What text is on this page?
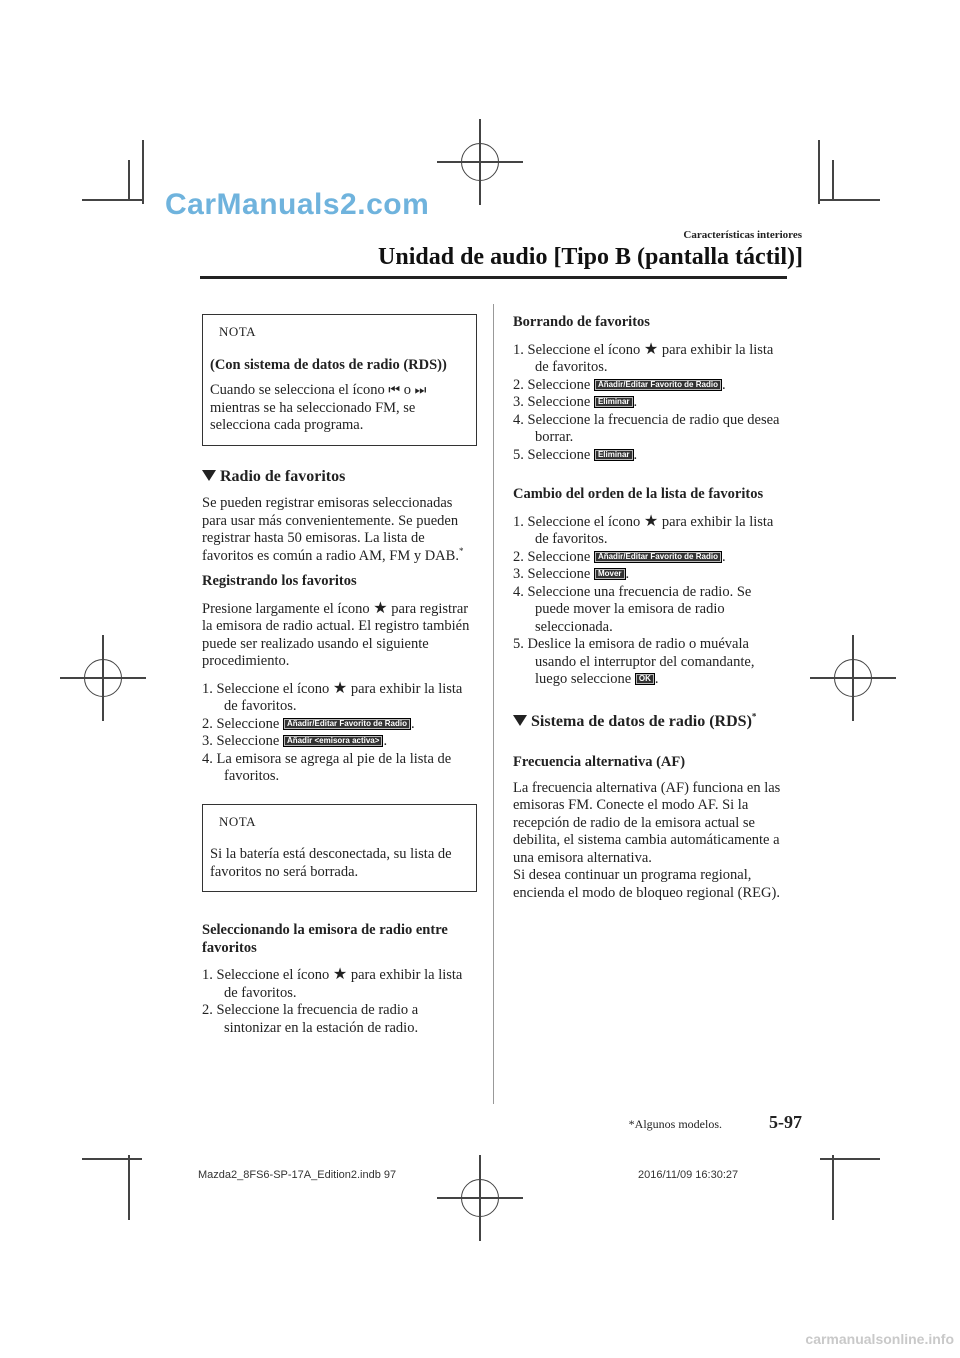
CarManuals2.com
Características interiores
Unidad de audio [Tipo B (pantalla táctil)]
NOTA

(Con sistema de datos de radio (RDS))

Cuando se selecciona el ícono ⏮ o ⏭ mientras se ha seleccionado FM, se selecciona cada programa.

Radio de favoritos

Se pueden registrar emisoras seleccionadas para usar más convenientemente. Se pueden registrar hasta 50 emisoras. La lista de favoritos es común a radio AM, FM y DAB.*

Registrando los favoritos

Presione largamente el ícono ★ para registrar la emisora de radio actual. El registro también puede ser realizado usando el siguiente procedimiento.

1. Seleccione el ícono ★ para exhibir la lista de favoritos.
2. Seleccione Añadir/Editar Favorito de Radio .
3. Seleccione Añadir <emisora activa> .
4. La emisora se agrega al pie de la lista de favoritos.
NOTA

Si la batería está desconectada, su lista de favoritos no será borrada.

Seleccionando la emisora de radio entre favoritos

1. Seleccione el ícono ★ para exhibir la lista de favoritos.
2. Seleccione la frecuencia de radio a sintonizar en la estación de radio.

Borrando de favoritos

1. Seleccione el ícono ★ para exhibir la lista de favoritos.
2. Seleccione Añadir/Editar Favorito de Radio .
3. Seleccione Eliminar .
4. Seleccione la frecuencia de radio que desea borrar.
5. Seleccione Eliminar .

Cambio del orden de la lista de favoritos

1. Seleccione el ícono ★ para exhibir la lista de favoritos.
2. Seleccione Añadir/Editar Favorito de Radio .
3. Seleccione Mover .
4. Seleccione una frecuencia de radio. Se puede mover la emisora de radio seleccionada.
5. Deslice la emisora de radio o muévala usando el interruptor del comandante, luego seleccione OK .
Sistema de datos de radio (RDS)*

Frecuencia alternativa (AF)

La frecuencia alternativa (AF) funciona en las emisoras FM. Conecte el modo AF. Si la recepción de radio de la emisora actual se debilita, el sistema cambia automáticamente a una emisora alternativa.

Si desea continuar un programa regional, encienda el modo de bloqueo regional (REG).

*Algunos modelos.	5-97
Mazda2_8FS6-SP-17A_Edition2.indb 97	2016/11/09 16:30:27
carmanualsonline.info
